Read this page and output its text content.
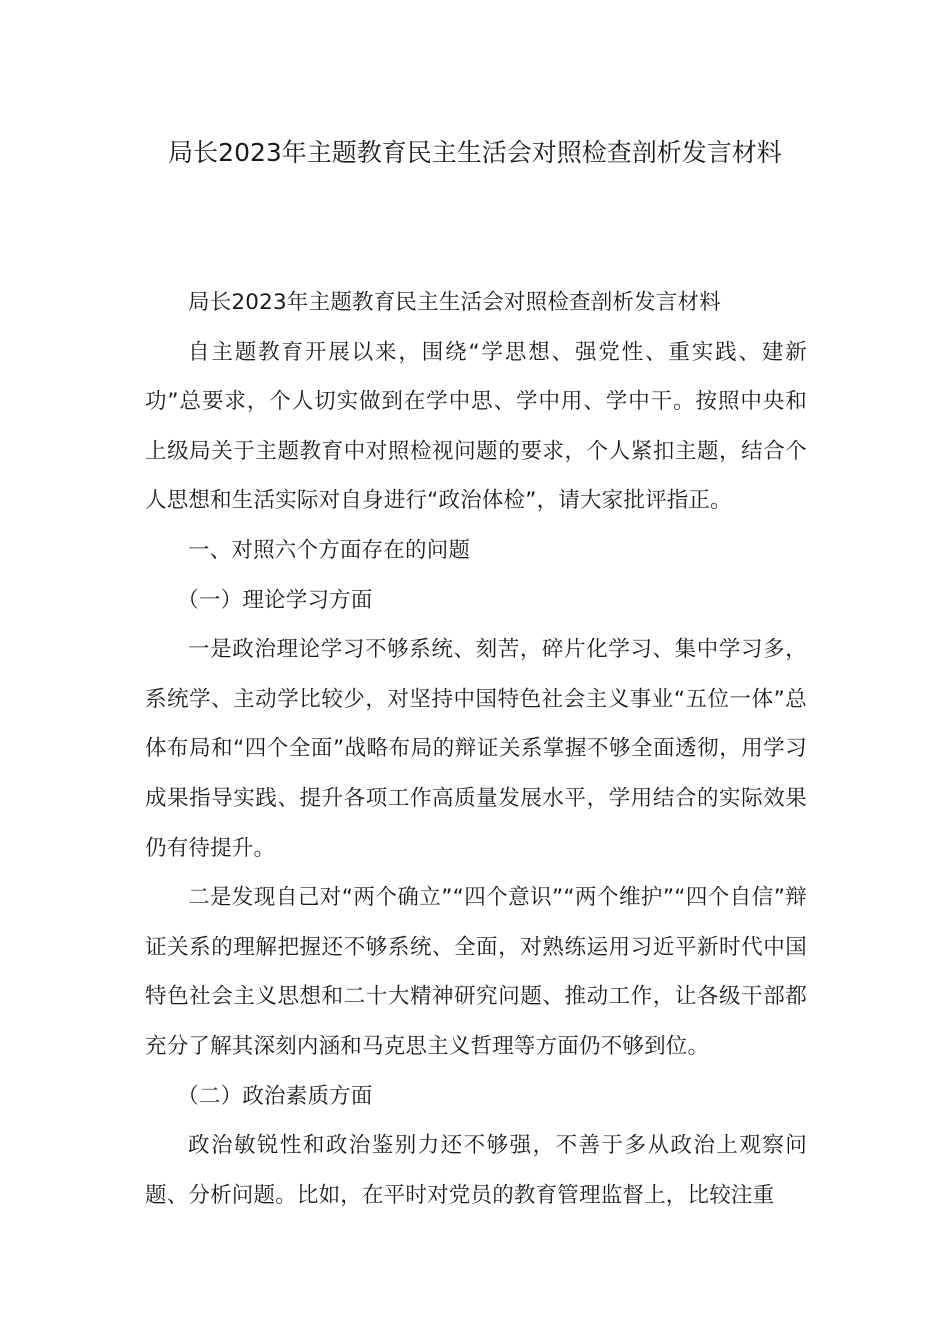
局长2023年主题教育民主生活会对照检查剖析发言材料

局长2023年主题教育民主生活会对照检查剖析发言材料

自主题教育开展以来，围绕“学思想、强党性、重实践、建新功”总要求，个人切实做到在学中思、学中用、学中干。按照中央和上级局关于主题教育中对照检视问题的要求，个人紧扣主题，结合个人思想和生活实际对自身进行“政治体检”，请大家批评指正。

一、对照六个方面存在的问题

（一）理论学习方面

一是政治理论学习不够系统、刻苦，碎片化学习、集中学习多，系统学、主动学比较少，对坚持中国特色社会主义事业“五位一体”总体布局和“四个全面”战略布局的辩证关系掌握不够全面透彻，用学习成果指导实践、提升各项工作高质量发展水平，学用结合的实际效果仍有待提升。

二是发现自己对“两个确立”“四个意识”“两个维护”“四个自信”辩证关系的理解把握还不够系统、全面，对熟练运用习近平新时代中国特色社会主义思想和二十大精神研究问题、推动工作，让各级干部都充分了解其深刻内涵和马克思主义哲理等方面仍不够到位。

（二）政治素质方面

政治敏锐性和政治鉴别力还不够强，不善于多从政治上观察问题、分析问题。比如，在平时对党员的教育管理监督上，比较注重
